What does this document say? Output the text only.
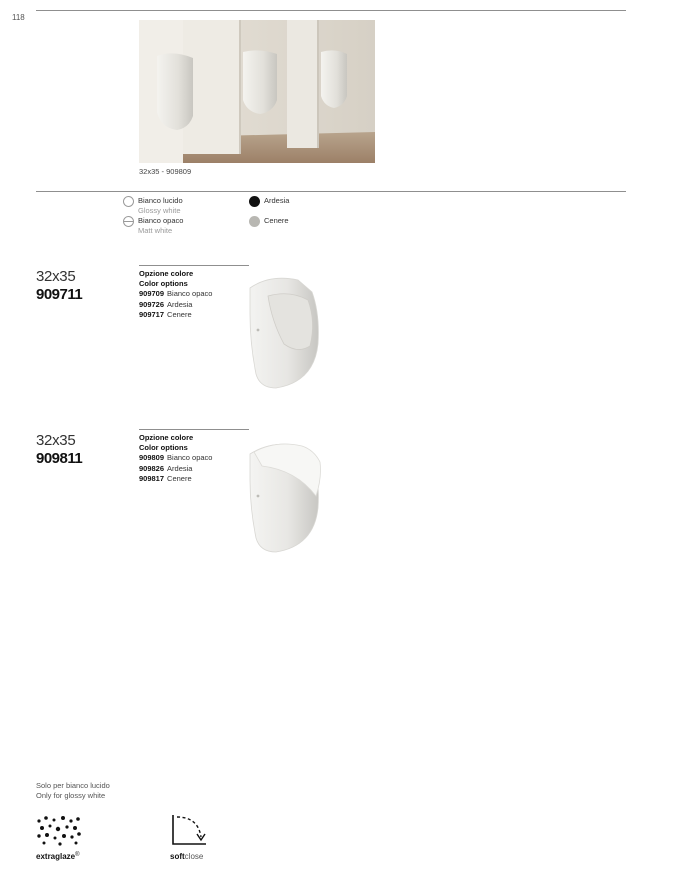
118
32x35 - 909809
Bianco lucido
Glossy white
Bianco opaco
Matt white
Ardesia
Cenere
32x35
909711
Opzione colore
Color options
909709 Bianco opaco
909726 Ardesia
909717 Cenere
32x35
909811
Opzione colore
Color options
909809 Bianco opaco
909826 Ardesia
909817 Cenere
Solo per bianco lucido
Only for glossy white
extraglaze®	softclose
